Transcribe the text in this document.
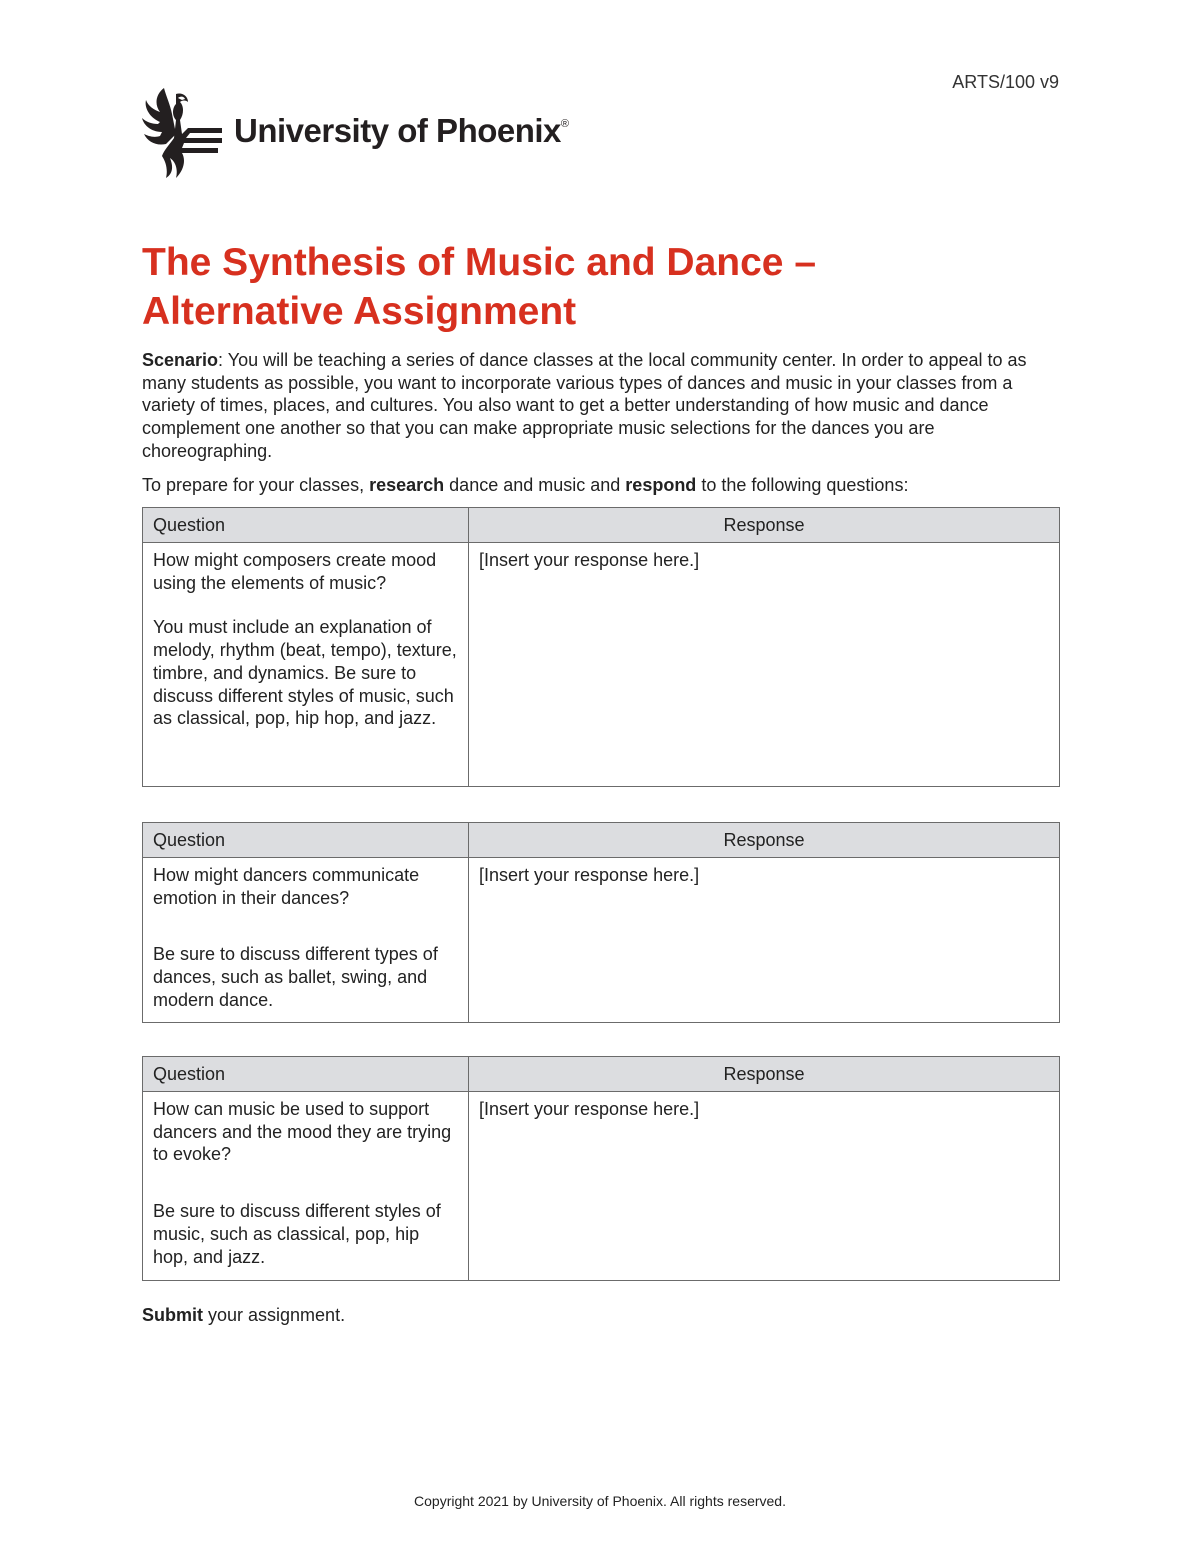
ARTS/100 v9
University of Phoenix®
The Synthesis of Music and Dance –
Alternative Assignment

Scenario: You will be teaching a series of dance classes at the local community center. In order to appeal to as many students as possible, you want to incorporate various types of dances and music in your classes from a variety of times, places, and cultures. You also want to get a better understanding of how music and dance complement one another so that you can make appropriate music selections for the dances you are choreographing.

To prepare for your classes, research dance and music and respond to the following questions:

Question	Response

How might composers create mood using the elements of music?

You must include an explanation of melody, rhythm (beat, tempo), texture, timbre, and dynamics. Be sure to discuss different styles of music, such as classical, pop, hip hop, and jazz.	[Insert your response here.]
Question	Response

How might dancers communicate emotion in their dances?

Be sure to discuss different types of dances, such as ballet, swing, and modern dance.	[Insert your response here.]
Question	Response

How can music be used to support dancers and the mood they are trying to evoke?

Be sure to discuss different styles of music, such as classical, pop, hip hop, and jazz.	[Insert your response here.]

Submit your assignment.

Copyright 2021 by University of Phoenix. All rights reserved.
